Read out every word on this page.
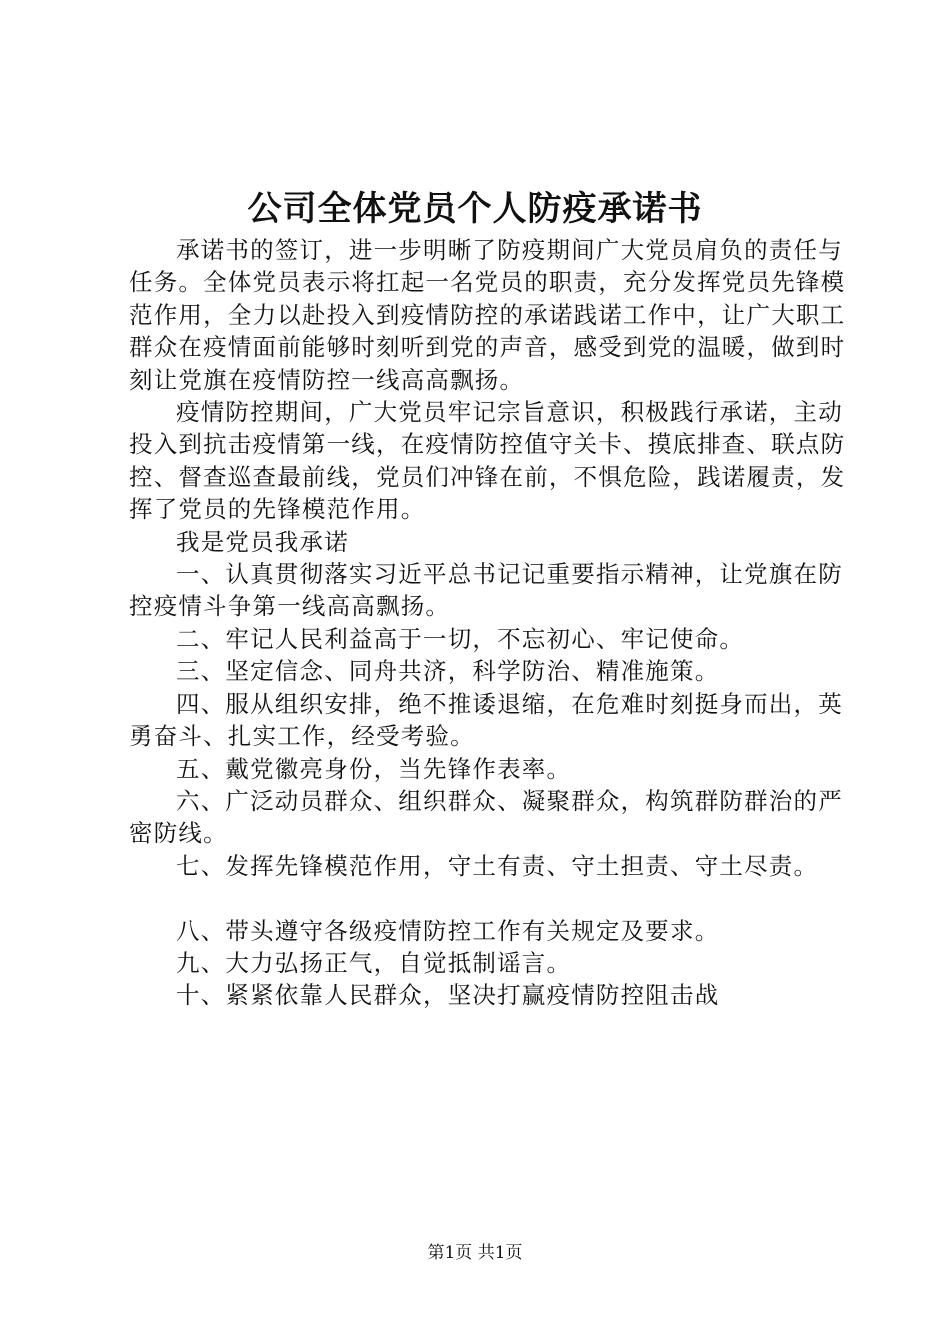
公司全体党员个人防疫承诺书

承诺书的签订，进一步明晰了防疫期间广大党员肩负的责任与任务。全体党员表示将扛起一名党员的职责，充分发挥党员先锋模范作用，全力以赴投入到疫情防控的承诺践诺工作中，让广大职工群众在疫情面前能够时刻听到党的声音，感受到党的温暖，做到时刻让党旗在疫情防控一线高高飘扬。

疫情防控期间，广大党员牢记宗旨意识，积极践行承诺，主动投入到抗击疫情第一线，在疫情防控值守关卡、摸底排查、联点防控、督查巡查最前线，党员们冲锋在前，不惧危险，践诺履责，发挥了党员的先锋模范作用。

我是党员我承诺

一、认真贯彻落实习近平总书记记重要指示精神，让党旗在防控疫情斗争第一线高高飘扬。

二、牢记人民利益高于一切，不忘初心、牢记使命。

三、坚定信念、同舟共济，科学防治、精准施策。

四、服从组织安排，绝不推诿退缩，在危难时刻挺身而出，英勇奋斗、扎实工作，经受考验。

五、戴党徽亮身份，当先锋作表率。

六、广泛动员群众、组织群众、凝聚群众，构筑群防群治的严密防线。

七、发挥先锋模范作用，守土有责、守土担责、守土尽责。

八、带头遵守各级疫情防控工作有关规定及要求。

九、大力弘扬正气，自觉抵制谣言。

十、紧紧依靠人民群众，坚决打赢疫情防控阻击战

第1页 共1页
